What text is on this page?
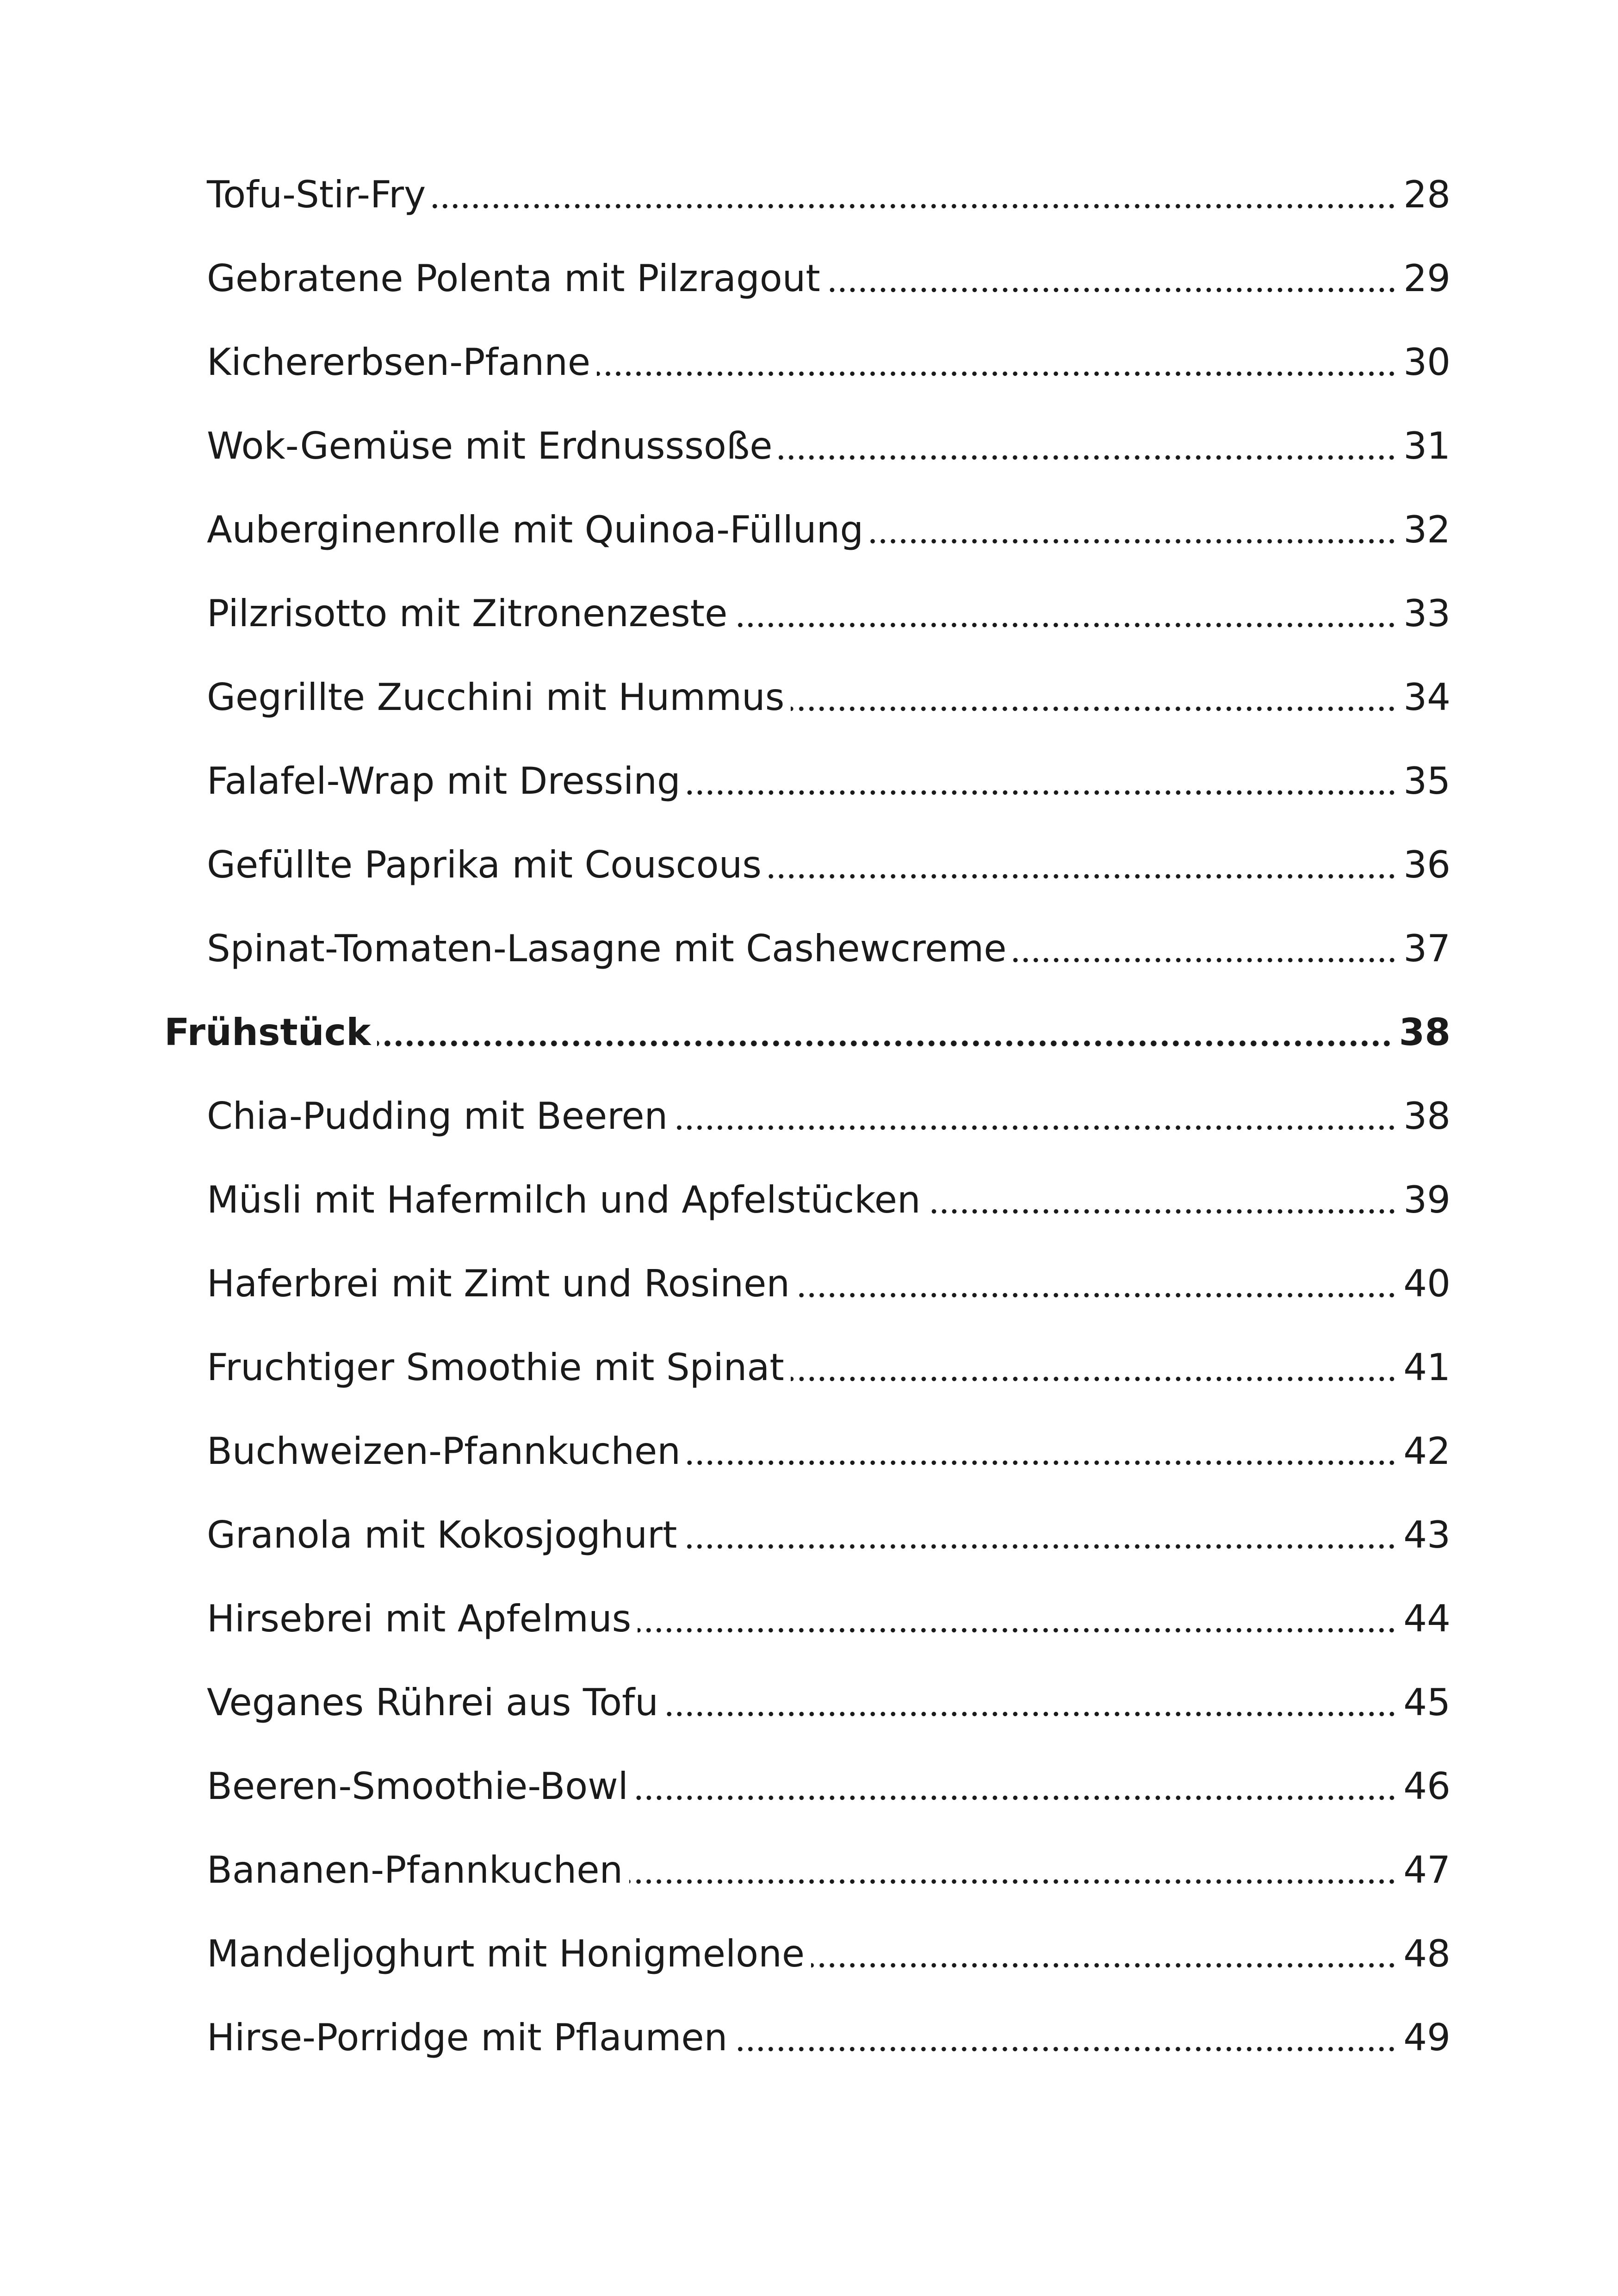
Tofu-Stir-Fry	28
Gebratene Polenta mit Pilzragout	29
Kichererbsen-Pfanne	30
Wok-Gemüse mit Erdnusssoße	31
Auberginenrolle mit Quinoa-Füllung	32
Pilzrisotto mit Zitronenzeste	33
Gegrillte Zucchini mit Hummus	34
Falafel-Wrap mit Dressing	35
Gefüllte Paprika mit Couscous	36
Spinat-Tomaten-Lasagne mit Cashewcreme	37
Frühstück	38
Chia-Pudding mit Beeren	38
Müsli mit Hafermilch und Apfelstücken	39
Haferbrei mit Zimt und Rosinen	40
Fruchtiger Smoothie mit Spinat	41
Buchweizen-Pfannkuchen	42
Granola mit Kokosjoghurt	43
Hirsebrei mit Apfelmus	44
Veganes Rührei aus Tofu	45
Beeren-Smoothie-Bowl	46
Bananen-Pfannkuchen	47
Mandeljoghurt mit Honigmelone	48
Hirse-Porridge mit Pflaumen	49
